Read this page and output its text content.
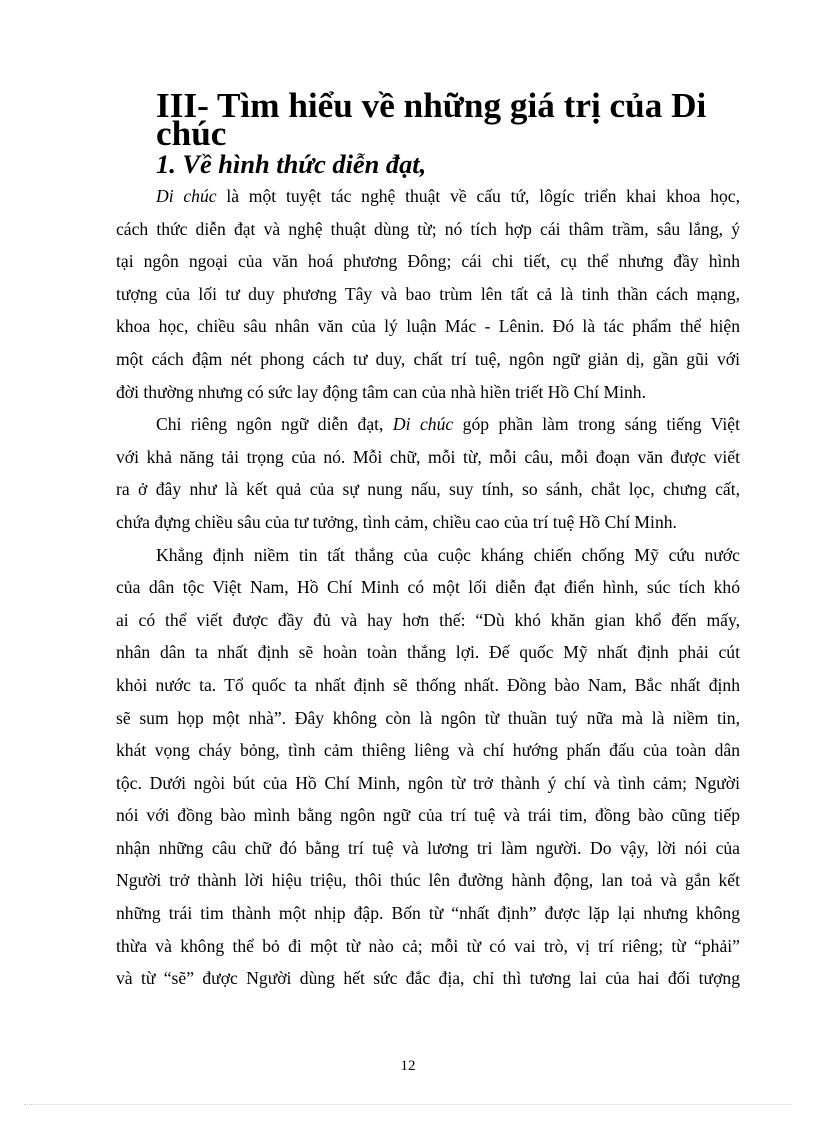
III- Tìm hiểu về những giá trị của Di chúc
1. Về hình thức diễn đạt,
Di chúc là một tuyệt tác nghệ thuật về cấu tứ, lôgíc triển khai khoa học,
cách thức diễn đạt và nghệ thuật dùng từ; nó tích hợp cái thâm trầm, sâu lắng, ý
tại ngôn ngoại của văn hoá phương Đông; cái chi tiết, cụ thể nhưng đầy hình
tượng của lối tư duy phương Tây và bao trùm lên tất cả là tinh thần cách mạng,
khoa học, chiều sâu nhân văn của lý luận Mác - Lênin. Đó là tác phẩm thể hiện
một cách đậm nét phong cách tư duy, chất trí tuệ, ngôn ngữ giản dị, gần gũi với
đời thường nhưng có sức lay động tâm can của nhà hiền triết Hồ Chí Minh.
Chỉ riêng ngôn ngữ diễn đạt, Di chúc góp phần làm trong sáng tiếng Việt
với khả năng tải trọng của nó. Mỗi chữ, mỗi từ, mỗi câu, mỗi đoạn văn được viết
ra ở đây như là kết quả của sự nung nấu, suy tính, so sánh, chắt lọc, chưng cất,
chứa đựng chiều sâu của tư tưởng, tình cảm, chiều cao của trí tuệ Hồ Chí Minh.
Khẳng định niềm tin tất thắng của cuộc kháng chiến chống Mỹ cứu nước
của dân tộc Việt Nam, Hồ Chí Minh có một lối diễn đạt điển hình, súc tích khó
ai có thể viết được đầy đủ và hay hơn thế: “Dù khó khăn gian khổ đến mấy,
nhân dân ta nhất định sẽ hoàn toàn thắng lợi. Đế quốc Mỹ nhất định phải cút
khỏi nước ta. Tổ quốc ta nhất định sẽ thống nhất. Đồng bào Nam, Bắc nhất định
sẽ sum họp một nhà”. Đây không còn là ngôn từ thuần tuý nữa mà là niềm tin,
khát vọng cháy bỏng, tình cảm thiêng liêng và chí hướng phấn đấu của toàn dân
tộc. Dưới ngòi bút của Hồ Chí Minh, ngôn từ trở thành ý chí và tình cảm; Người
nói với đồng bào mình bằng ngôn ngữ của trí tuệ và trái tim, đồng bào cũng tiếp
nhận những câu chữ đó bằng trí tuệ và lương tri làm người. Do vậy, lời nói của
Người trở thành lời hiệu triệu, thôi thúc lên đường hành động, lan toả và gắn kết
những trái tim thành một nhịp đập. Bốn từ “nhất định” được lặp lại nhưng không
thừa và không thể bỏ đi một từ nào cả; mỗi từ có vai trò, vị trí riêng; từ “phải”
và từ “sẽ” được Người dùng hết sức đắc địa, chỉ thì tương lai của hai đối tượng
12
